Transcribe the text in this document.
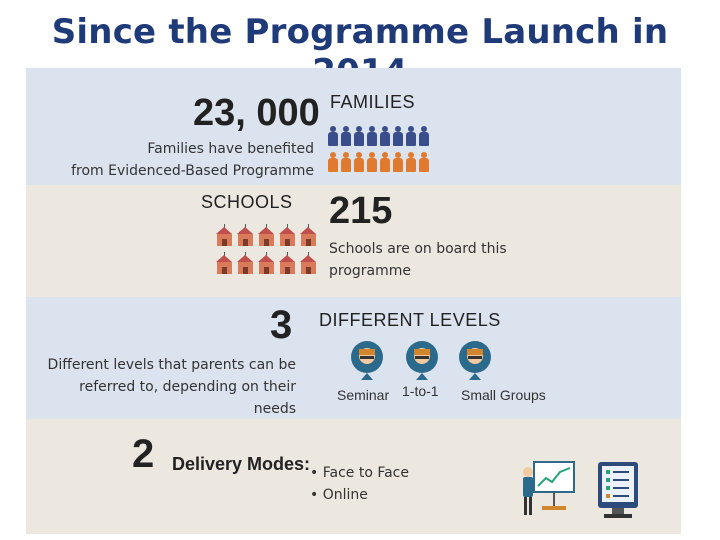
Since the Programme Launch in
23, 000 FAMILIES
Families have benefited
from Evidenced-Based Programme
SCHOOLS 215
Schools are on board this
programme
3 DIFFERENT LEVELS
Different levels that parents can be
referred to, depending on their
needs
Seminar 1-to-1 Small Groups
2 Delivery Modes: • Face to Face
• Online
